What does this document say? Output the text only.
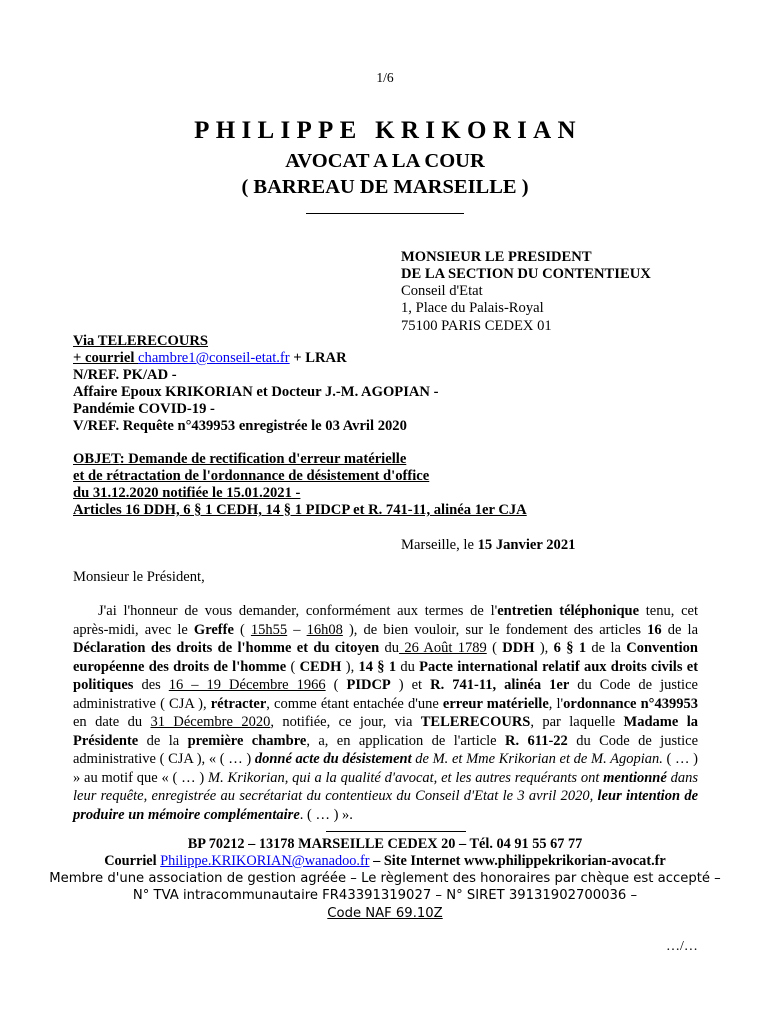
1/6
PHILIPPE KRIKORIAN
AVOCAT A LA COUR
( BARREAU DE MARSEILLE )
MONSIEUR LE PRESIDENT
DE LA SECTION DU CONTENTIEUX
Conseil d'Etat
1, Place du Palais-Royal
75100 PARIS CEDEX 01
Via TELERECOURS
+ courriel chambre1@conseil-etat.fr + LRAR
N/REF. PK/AD -
Affaire Epoux KRIKORIAN et Docteur J.-M. AGOPIAN -
Pandémie COVID-19 -
V/REF. Requête n°439953 enregistrée le 03 Avril 2020
OBJET: Demande de rectification d'erreur matérielle
et de rétractation de l'ordonnance de désistement d'office
du 31.12.2020 notifiée le 15.01.2021 -
Articles 16 DDH, 6 § 1 CEDH, 14 § 1 PIDCP et R. 741-11, alinéa 1er CJA
Marseille, le 15 Janvier 2021
Monsieur le Président,
J'ai l'honneur de vous demander, conformément aux termes de l'entretien téléphonique tenu, cet après-midi, avec le Greffe ( 15h55 – 16h08 ), de bien vouloir, sur le fondement des articles 16 de la Déclaration des droits de l'homme et du citoyen du 26 Août 1789 ( DDH ), 6 § 1 de la Convention européenne des droits de l'homme ( CEDH ), 14 § 1 du Pacte international relatif aux droits civils et politiques des 16 – 19 Décembre 1966 ( PIDCP ) et R. 741-11, alinéa 1er du Code de justice administrative ( CJA ), rétracter, comme étant entachée d'une erreur matérielle, l'ordonnance n°439953 en date du 31 Décembre 2020, notifiée, ce jour, via TELERECOURS, par laquelle Madame la Présidente de la première chambre, a, en application de l'article R. 611-22 du Code de justice administrative ( CJA ), « ( … ) donné acte du désistement de M. et Mme Krikorian et de M. Agopian. ( … ) » au motif que « ( … ) M. Krikorian, qui a la qualité d'avocat, et les autres requérants ont mentionné dans leur requête, enregistrée au secrétariat du contentieux du Conseil d'Etat le 3 avril 2020, leur intention de produire un mémoire complémentaire. ( … ) ».
BP 70212 – 13178 MARSEILLE CEDEX 20 – Tél. 04 91 55 67 77
Courriel Philippe.KRIKORIAN@wanadoo.fr – Site Internet www.philippekrikorian-avocat.fr
Membre d'une association de gestion agréée – Le règlement des honoraires par chèque est accepté –
N° TVA intracommunautaire FR43391319027 – N° SIRET 39131902700036 –
Code NAF 69.10Z
…/…
